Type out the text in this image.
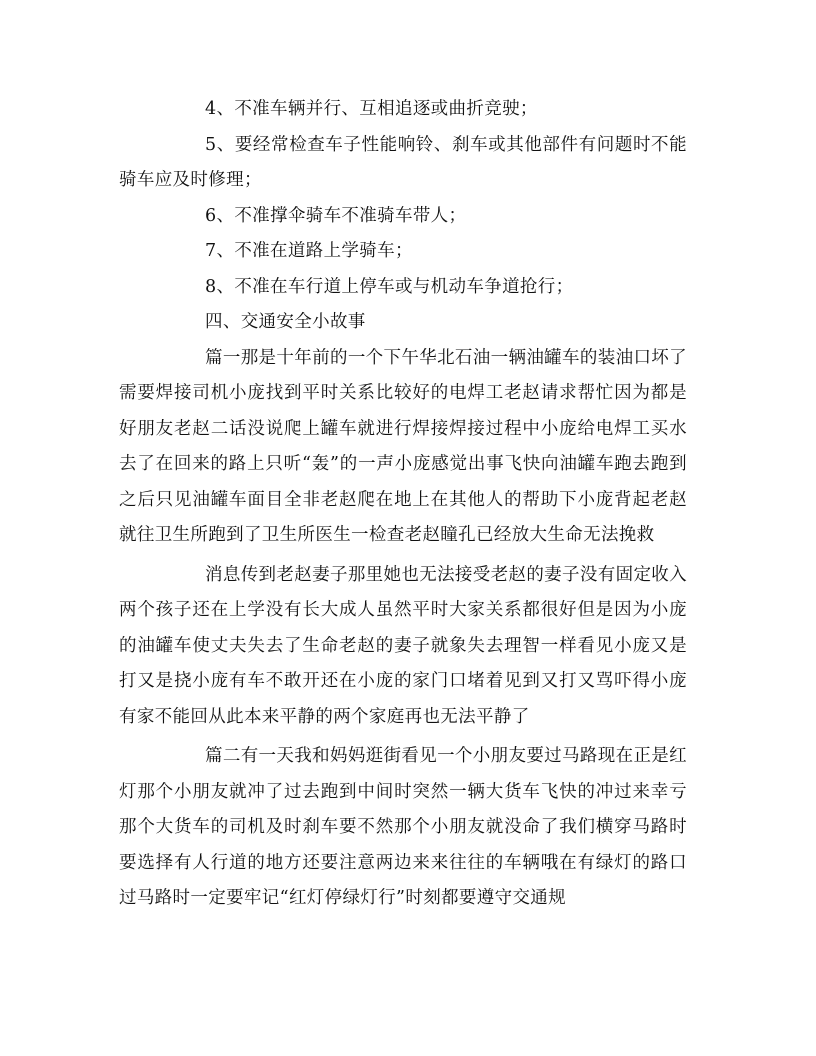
4、不准车辆并行、互相追逐或曲折竞驶；

5、要经常检查车子性能响铃、刹车或其他部件有问题时不能骑车应及时修理；

6、不准撑伞骑车不准骑车带人；

7、不准在道路上学骑车；

8、不准在车行道上停车或与机动车争道抢行；

四、交通安全小故事

篇一那是十年前的一个下午华北石油一辆油罐车的装油口坏了需要焊接司机小庞找到平时关系比较好的电焊工老赵请求帮忙因为都是好朋友老赵二话没说爬上罐车就进行焊接焊接过程中小庞给电焊工买水去了在回来的路上只听“轰”的一声小庞感觉出事飞快向油罐车跑去跑到之后只见油罐车面目全非老赵爬在地上在其他人的帮助下小庞背起老赵就往卫生所跑到了卫生所医生一检查老赵瞳孔已经放大生命无法挽救

消息传到老赵妻子那里她也无法接受老赵的妻子没有固定收入两个孩子还在上学没有长大成人虽然平时大家关系都很好但是因为小庞的油罐车使丈夫失去了生命老赵的妻子就象失去理智一样看见小庞又是打又是挠小庞有车不敢开还在小庞的家门口堵着见到又打又骂吓得小庞有家不能回从此本来平静的两个家庭再也无法平静了

篇二有一天我和妈妈逛街看见一个小朋友要过马路现在正是红灯那个小朋友就冲了过去跑到中间时突然一辆大货车飞快的冲过来幸亏那个大货车的司机及时刹车要不然那个小朋友就没命了我们横穿马路时要选择有人行道的地方还要注意两边来来往往的车辆哦在有绿灯的路口过马路时一定要牢记“红灯停绿灯行”时刻都要遵守交通规
